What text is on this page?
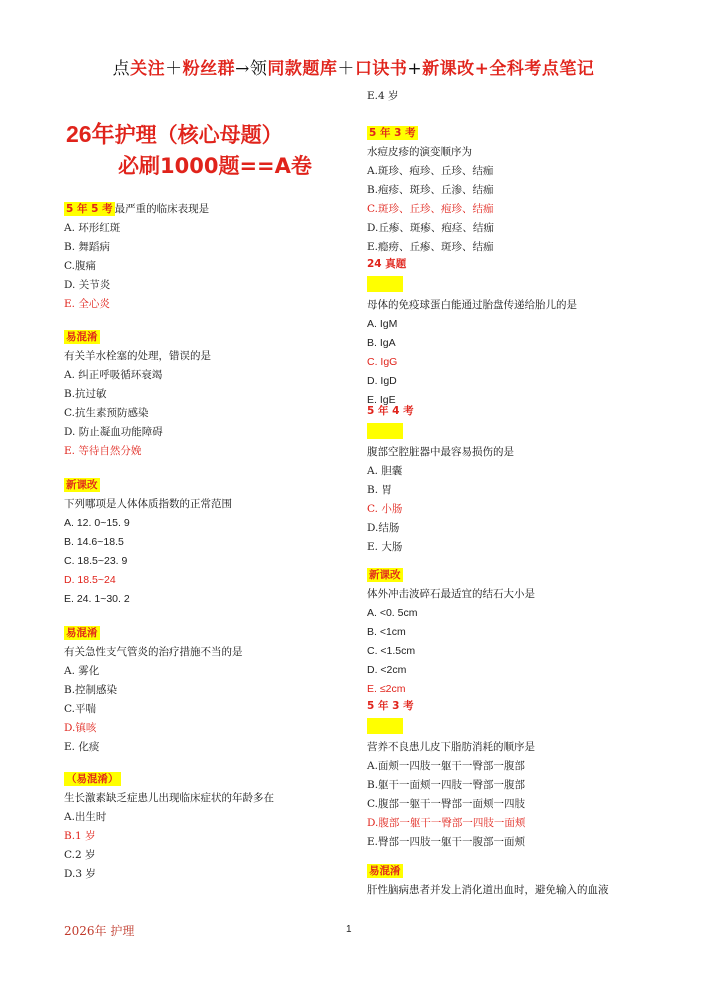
点关注＋粉丝群→领同款题库＋口诀书+新课改+全科考点笔记
26年护理（核心母题）
必刷1000题==A卷
5 年 5 考 最严重的临床表现是
A. 环形红斑
B. 舞蹈病
C.腹痛
D. 关节炎
E. 全心炎
易混淆
有关羊水栓塞的处理，错误的是
A. 纠正呼吸循环衰竭
B.抗过敏
C.抗生素预防感染
D. 防止凝血功能障碍
E. 等待自然分娩
新课改
下列哪项是人体体质指数的正常范围
A. 12. 0~15. 9
B. 14.6~18.5
C. 18.5~23. 9
D. 18.5~24
E. 24. 1~30. 2
易混淆
有关急性支气管炎的治疗措施不当的是
A. 雾化
B.控制感染
C.平喘
D.镇咳
E. 化痰
（易混淆）
生长激素缺乏症患儿出现临床症状的年龄多在
A.出生时
B.1 岁
C.2 岁
D.3 岁
E.4 岁
5 年 3 考
水痘皮疹的演变顺序为
A.斑珍、疱珍、丘珍、结痂
B.疱疹、斑珍、丘渗、结痂
C.斑珍、丘珍、疱珍、结痂
D.丘瘆、斑瘆、疱痉、结痂
E.瘾痨、丘瘆、斑珍、结痂
24 真题
母体的免疫球蛋白能通过胎盘传递给胎儿的是
A. IgM
B. IgA
C. IgG
D. IgD
E. IgE
5 年 4 考
腹部空腔脏器中最容易损伤的是
A. 胆囊
B. 胃
C. 小肠
D.结肠
E. 大肠
新课改
体外冲击波碎石最适宜的结石大小是
A. <0. 5cm
B. <1cm
C. <1.5cm
D. <2cm
E. ≤2cm
5 年 3 考
营养不良患儿皮下脂肪消耗的顺序是
A.面颊一四肢一躯干一臀部一腹部
B.躯干一面颊一四肢一臀部一腹部
C.腹部一躯干一臀部一面颊一四肢
D.腹部一躯干一臀部一四肢一面颊
E.臀部一四肢一躯干一腹部一面颊
易混淆
肝性脑病患者并发上消化道出血时，避免输入的血液
2026年 护理	1
